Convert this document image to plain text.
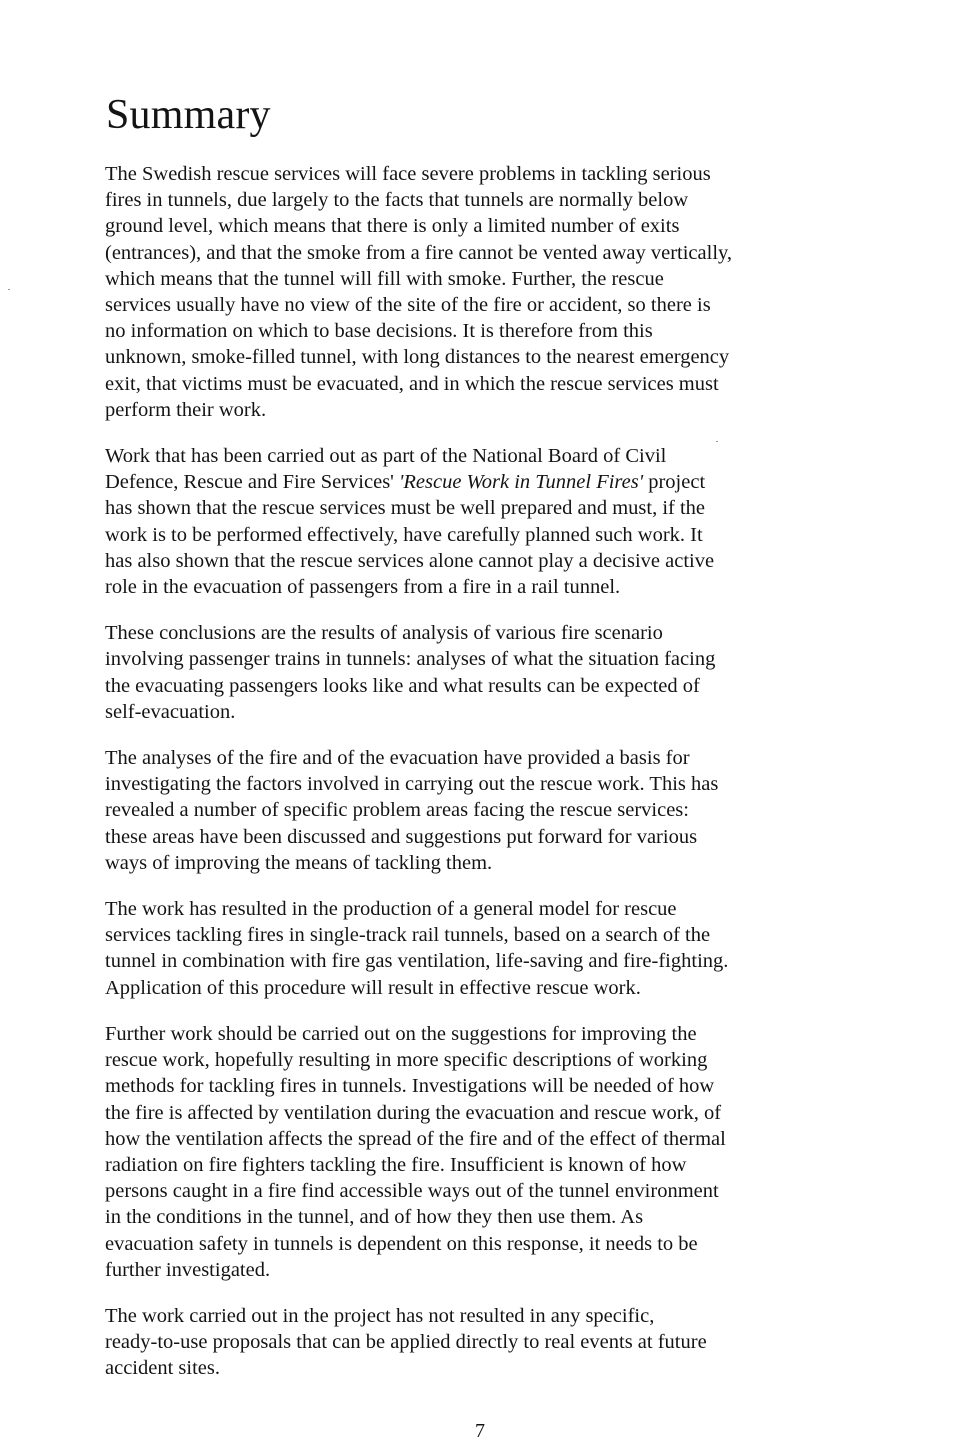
Summary

The Swedish rescue services will face severe problems in tackling serious
fires in tunnels, due largely to the facts that tunnels are normally below
ground level, which means that there is only a limited number of exits
(entrances), and that the smoke from a fire cannot be vented away vertically,
which means that the tunnel will fill with smoke. Further, the rescue
services usually have no view of the site of the fire or accident, so there is
no information on which to base decisions. It is therefore from this
unknown, smoke-filled tunnel, with long distances to the nearest emergency
exit, that victims must be evacuated, and in which the rescue services must
perform their work.

Work that has been carried out as part of the National Board of Civil
Defence, Rescue and Fire Services' 'Rescue Work in Tunnel Fires' project
has shown that the rescue services must be well prepared and must, if the
work is to be performed effectively, have carefully planned such work. It
has also shown that the rescue services alone cannot play a decisive active
role in the evacuation of passengers from a fire in a rail tunnel.

These conclusions are the results of analysis of various fire scenario
involving passenger trains in tunnels: analyses of what the situation facing
the evacuating passengers looks like and what results can be expected of
self-evacuation.

The analyses of the fire and of the evacuation have provided a basis for
investigating the factors involved in carrying out the rescue work. This has
revealed a number of specific problem areas facing the rescue services:
these areas have been discussed and suggestions put forward for various
ways of improving the means of tackling them.

The work has resulted in the production of a general model for rescue
services tackling fires in single-track rail tunnels, based on a search of the
tunnel in combination with fire gas ventilation, life-saving and fire-fighting.
Application of this procedure will result in effective rescue work.

Further work should be carried out on the suggestions for improving the
rescue work, hopefully resulting in more specific descriptions of working
methods for tackling fires in tunnels. Investigations will be needed of how
the fire is affected by ventilation during the evacuation and rescue work, of
how the ventilation affects the spread of the fire and of the effect of thermal
radiation on fire fighters tackling the fire. Insufficient is known of how
persons caught in a fire find accessible ways out of the tunnel environment
in the conditions in the tunnel, and of how they then use them. As
evacuation safety in tunnels is dependent on this response, it needs to be
further investigated.

The work carried out in the project has not resulted in any specific,
ready-to-use proposals that can be applied directly to real events at future
accident sites.

7
